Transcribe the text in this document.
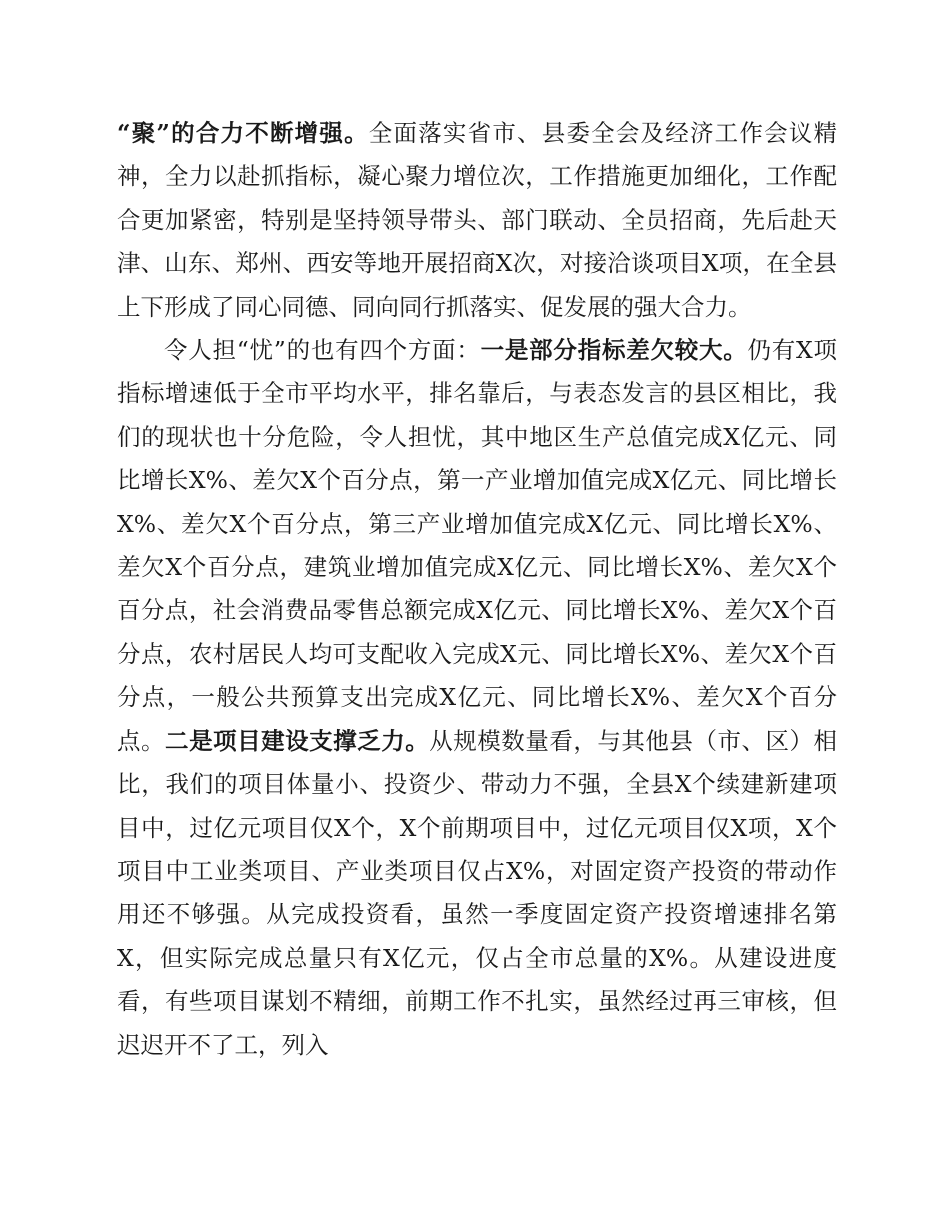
“聚”的合力不断增强。全面落实省市、县委全会及经济工作会议精神，全力以赴抓指标，凝心聚力增位次，工作措施更加细化，工作配合更加紧密，特别是坚持领导带头、部门联动、全员招商，先后赴天津、山东、郑州、西安等地开展招商X次，对接洽谈项目X项，在全县上下形成了同心同德、同向同行抓落实、促发展的强大合力。

令人担“忧”的也有四个方面：一是部分指标差欠较大。仍有X项指标增速低于全市平均水平，排名靠后，与表态发言的县区相比，我们的现状也十分危险，令人担忧，其中地区生产总值完成X亿元、同比增长X%、差欠X个百分点，第一产业增加值完成X亿元、同比增长X%、差欠X个百分点，第三产业增加值完成X亿元、同比增长X%、差欠X个百分点，建筑业增加值完成X亿元、同比增长X%、差欠X个百分点，社会消费品零售总额完成X亿元、同比增长X%、差欠X个百分点，农村居民人均可支配收入完成X元、同比增长X%、差欠X个百分点，一般公共预算支出完成X亿元、同比增长X%、差欠X个百分点。二是项目建设支撑乏力。从规模数量看，与其他县（市、区）相比，我们的项目体量小、投资少、带动力不强，全县X个续建新建项目中，过亿元项目仅X个，X个前期项目中，过亿元项目仅X项，X个项目中工业类项目、产业类项目仅占X%，对固定资产投资的带动作用还不够强。从完成投资看，虽然一季度固定资产投资增速排名第X，但实际完成总量只有X亿元，仅占全市总量的X%。从建设进度看，有些项目谋划不精细，前期工作不扎实，虽然经过再三审核，但迟迟开不了工，列入
